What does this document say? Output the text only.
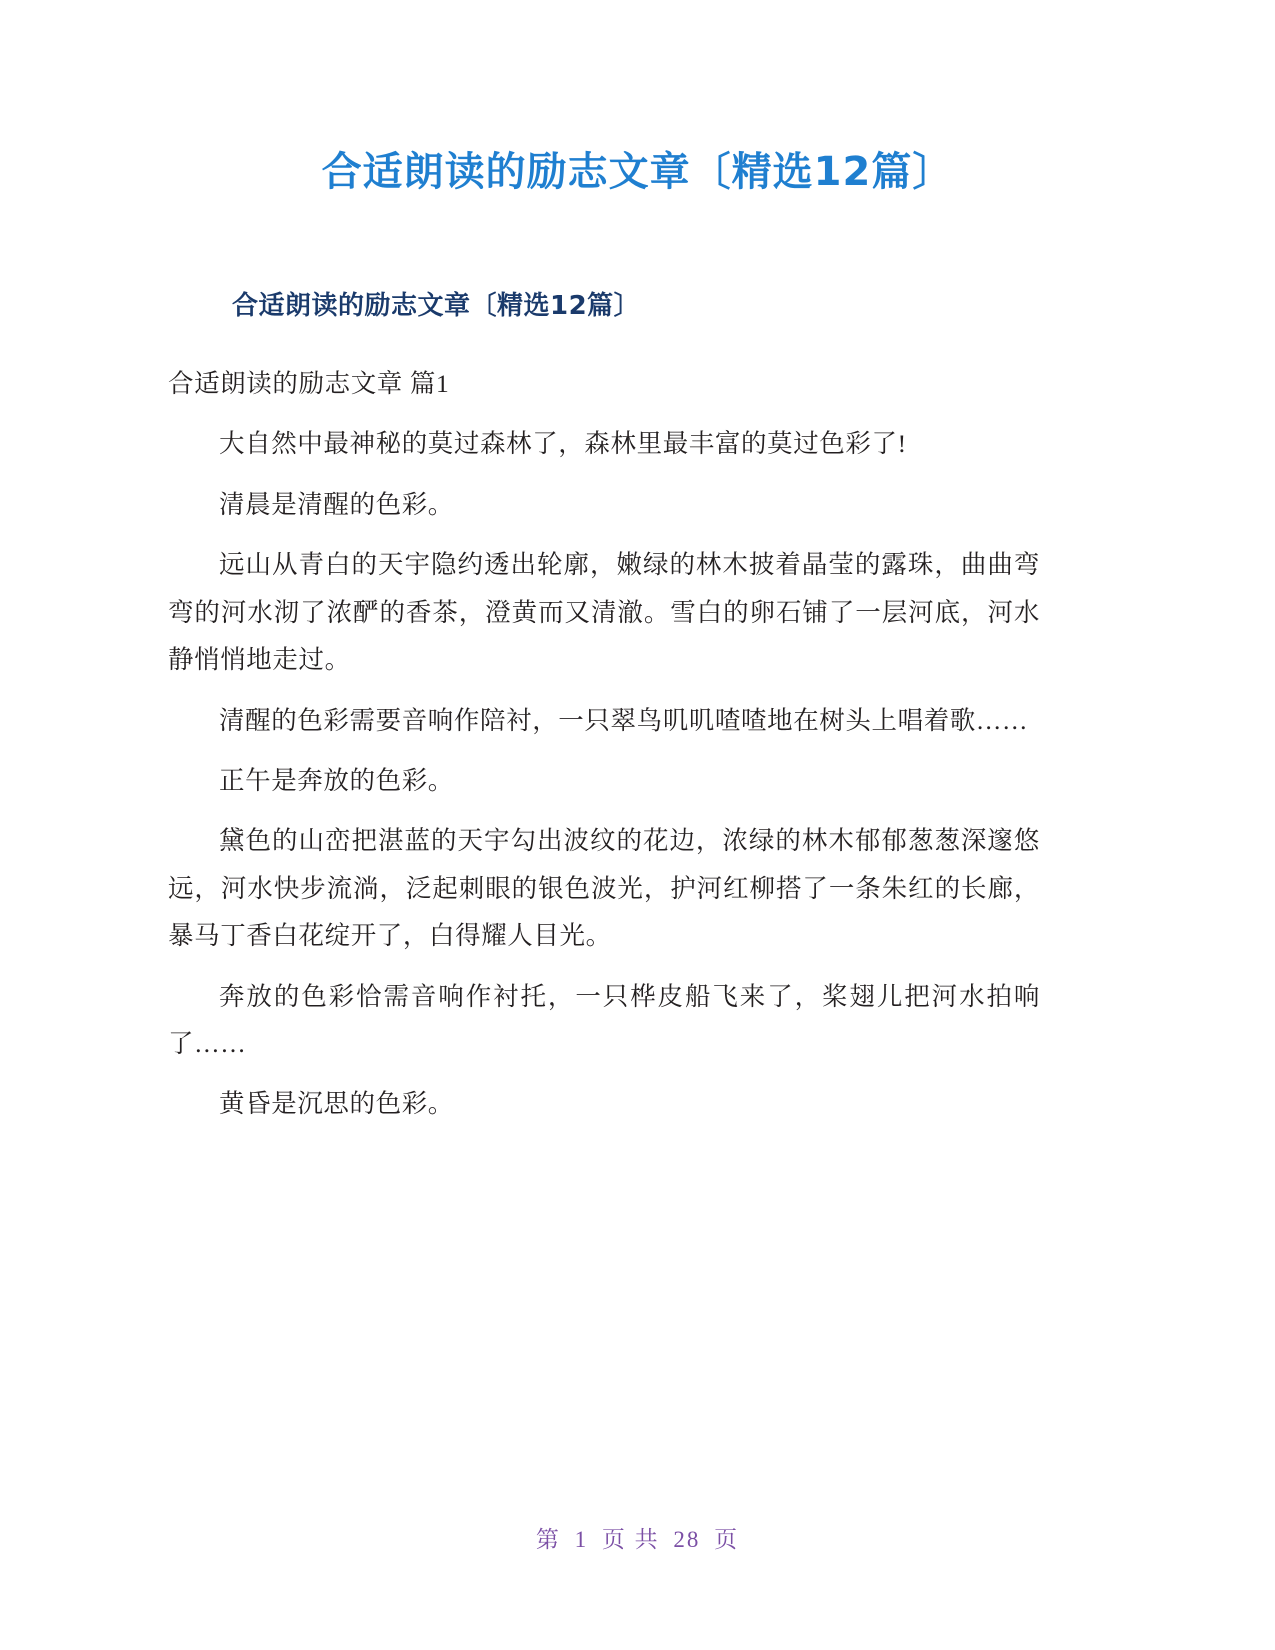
合适朗读的励志文章〔精选12篇〕
合适朗读的励志文章〔精选12篇〕

合适朗读的励志文章 篇1

大自然中最神秘的莫过森林了，森林里最丰富的莫过色彩了!

清晨是清醒的色彩。

远山从青白的天宇隐约透出轮廓，嫩绿的林木披着晶莹的露珠，曲曲弯弯的河水沏了浓酽的香茶，澄黄而又清澈。雪白的卵石铺了一层河底，河水静悄悄地走过。

清醒的色彩需要音响作陪衬，一只翠鸟叽叽喳喳地在树头上唱着歌……

正午是奔放的色彩。

黛色的山峦把湛蓝的天宇勾出波纹的花边，浓绿的林木郁郁葱葱深邃悠远，河水快步流淌，泛起刺眼的银色波光，护河红柳搭了一条朱红的长廊，暴马丁香白花绽开了，白得耀人目光。

奔放的色彩恰需音响作衬托，一只桦皮船飞来了，桨翅儿把河水拍响了……

黄昏是沉思的色彩。

第 1 页 共 28 页
